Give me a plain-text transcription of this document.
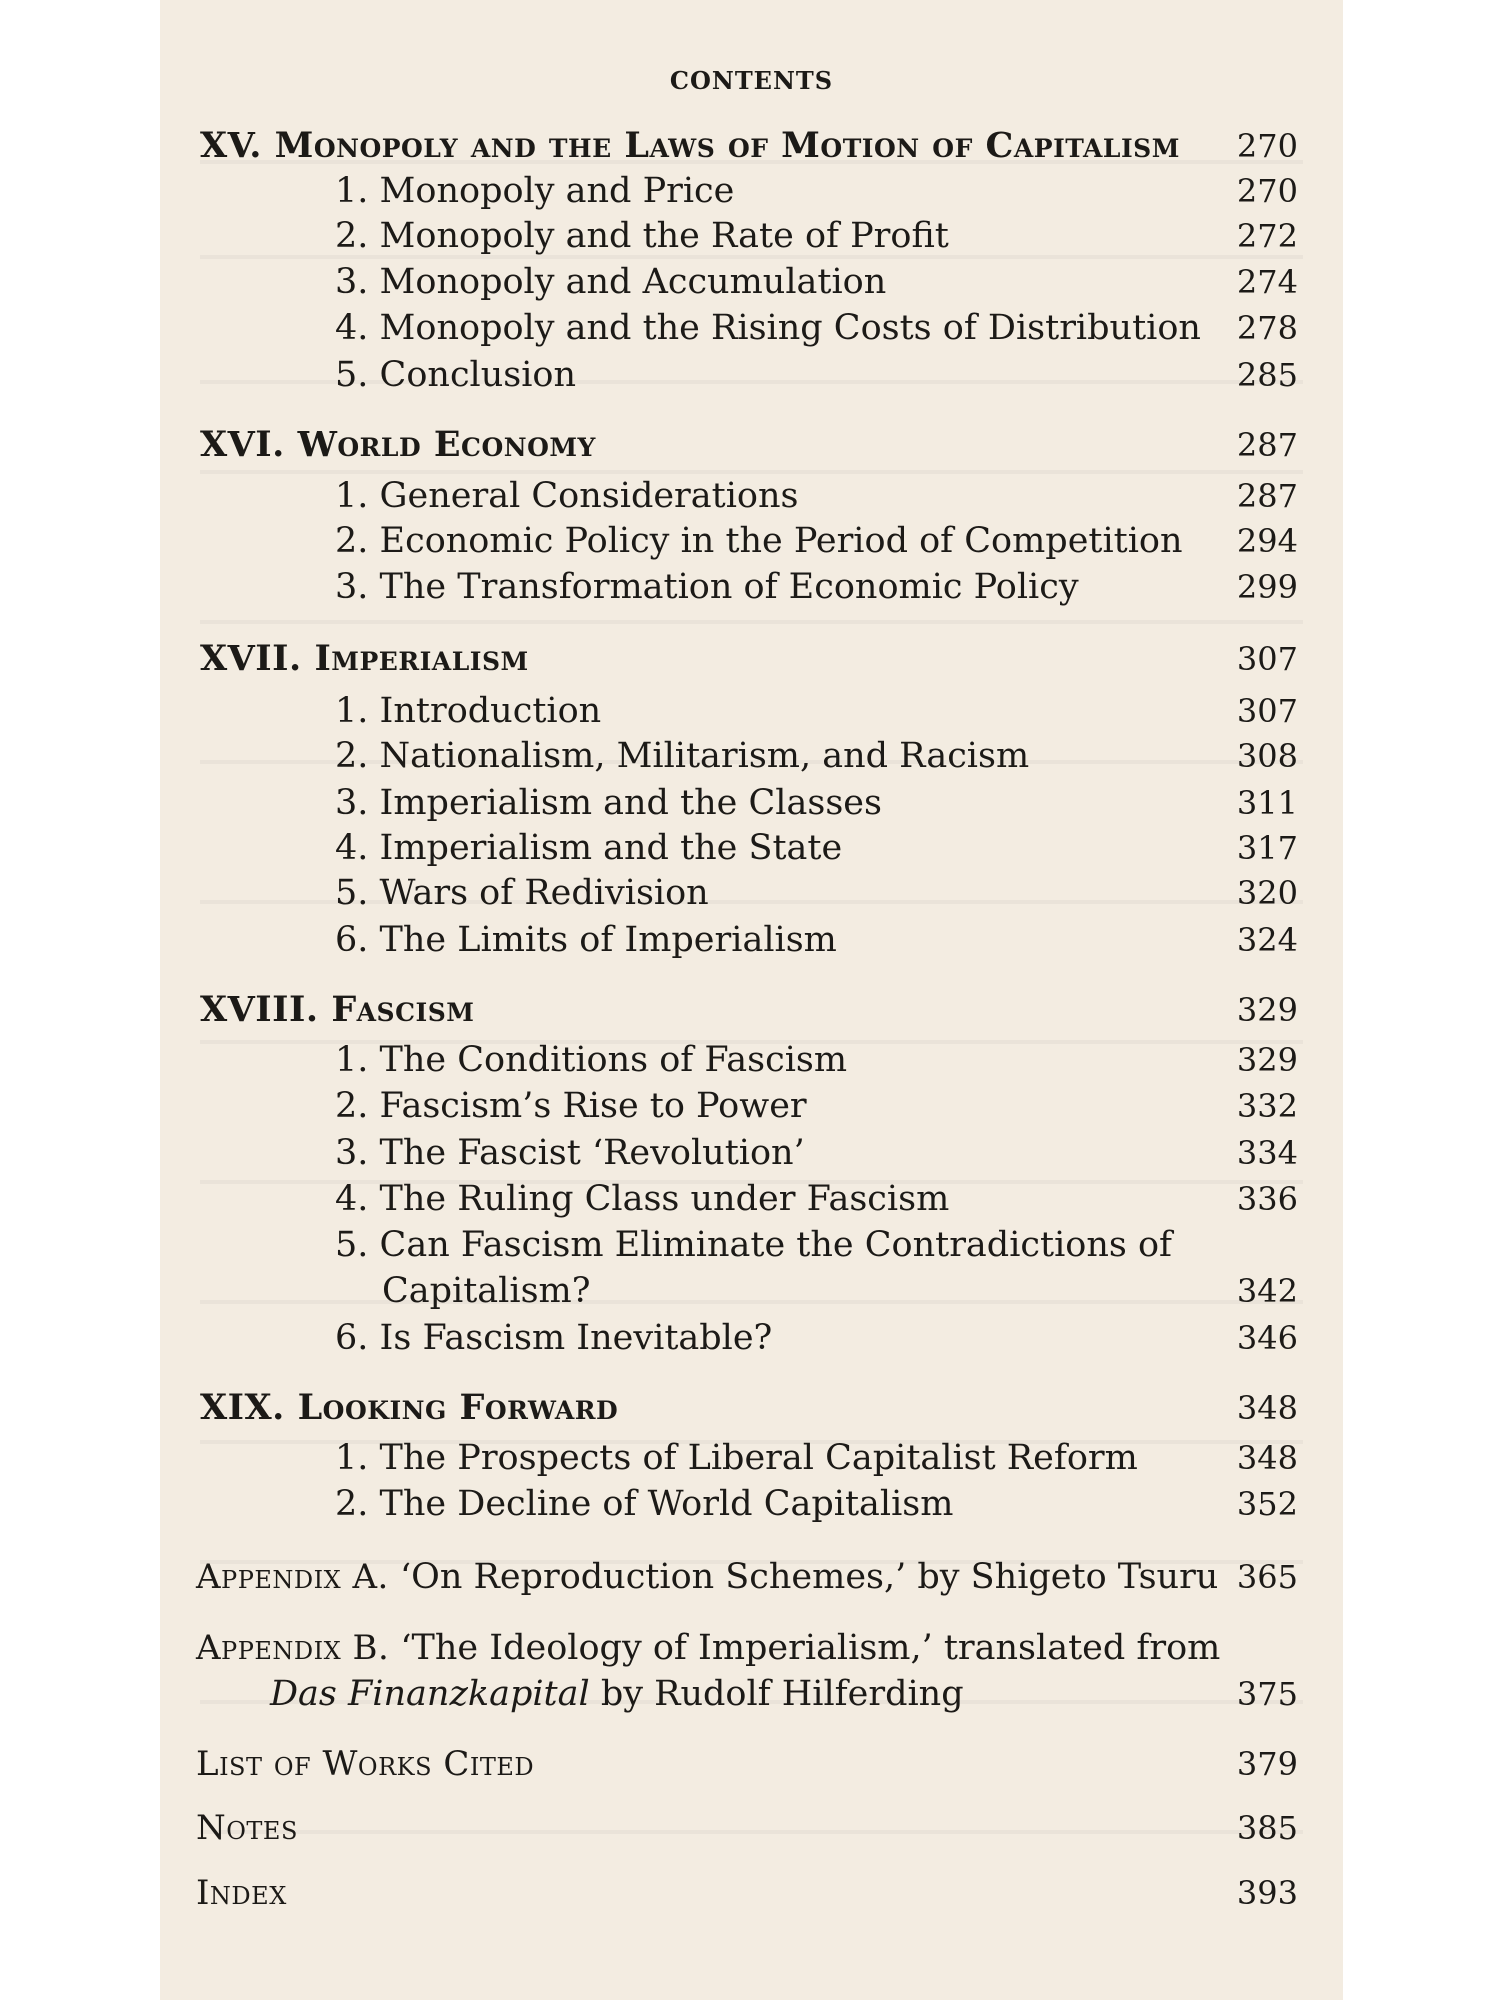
CONTENTS
XV. Monopoly and the Laws of Motion of Capitalism 270
1. Monopoly and Price	270
2. Monopoly and the Rate of Profit	272
3. Monopoly and Accumulation	274
4. Monopoly and the Rising Costs of Distribution 278
5. Conclusion	285
XVI. World Economy	287
1. General Considerations	287
2. Economic Policy in the Period of Competition 294
3. The Transformation of Economic Policy	299
XVII. Imperialism	307
1. Introduction	307
2. Nationalism, Militarism, and Racism	308
3. Imperialism and the Classes	311
4. Imperialism and the State	317
5. Wars of Redivision	320
6. The Limits of Imperialism	324
XVIII. Fascism	329
1. The Conditions of Fascism	329
2. Fascism’s Rise to Power	332
3. The Fascist ‘Revolution’	334
4. The Ruling Class under Fascism	336
5. Can Fascism Eliminate the Contradictions of
Capitalism?	342
6. Is Fascism Inevitable?	346
XIX. Looking Forward	348
1. The Prospects of Liberal Capitalist Reform	348
2. The Decline of World Capitalism	352
Appendix A. ‘On Reproduction Schemes,’ by Shigeto Tsuru 365
Appendix B. ‘The Ideology of Imperialism,’ translated from
Das Finanzkapital by Rudolf Hilferding	375
List of Works Cited	379
Notes	385
Index	393
